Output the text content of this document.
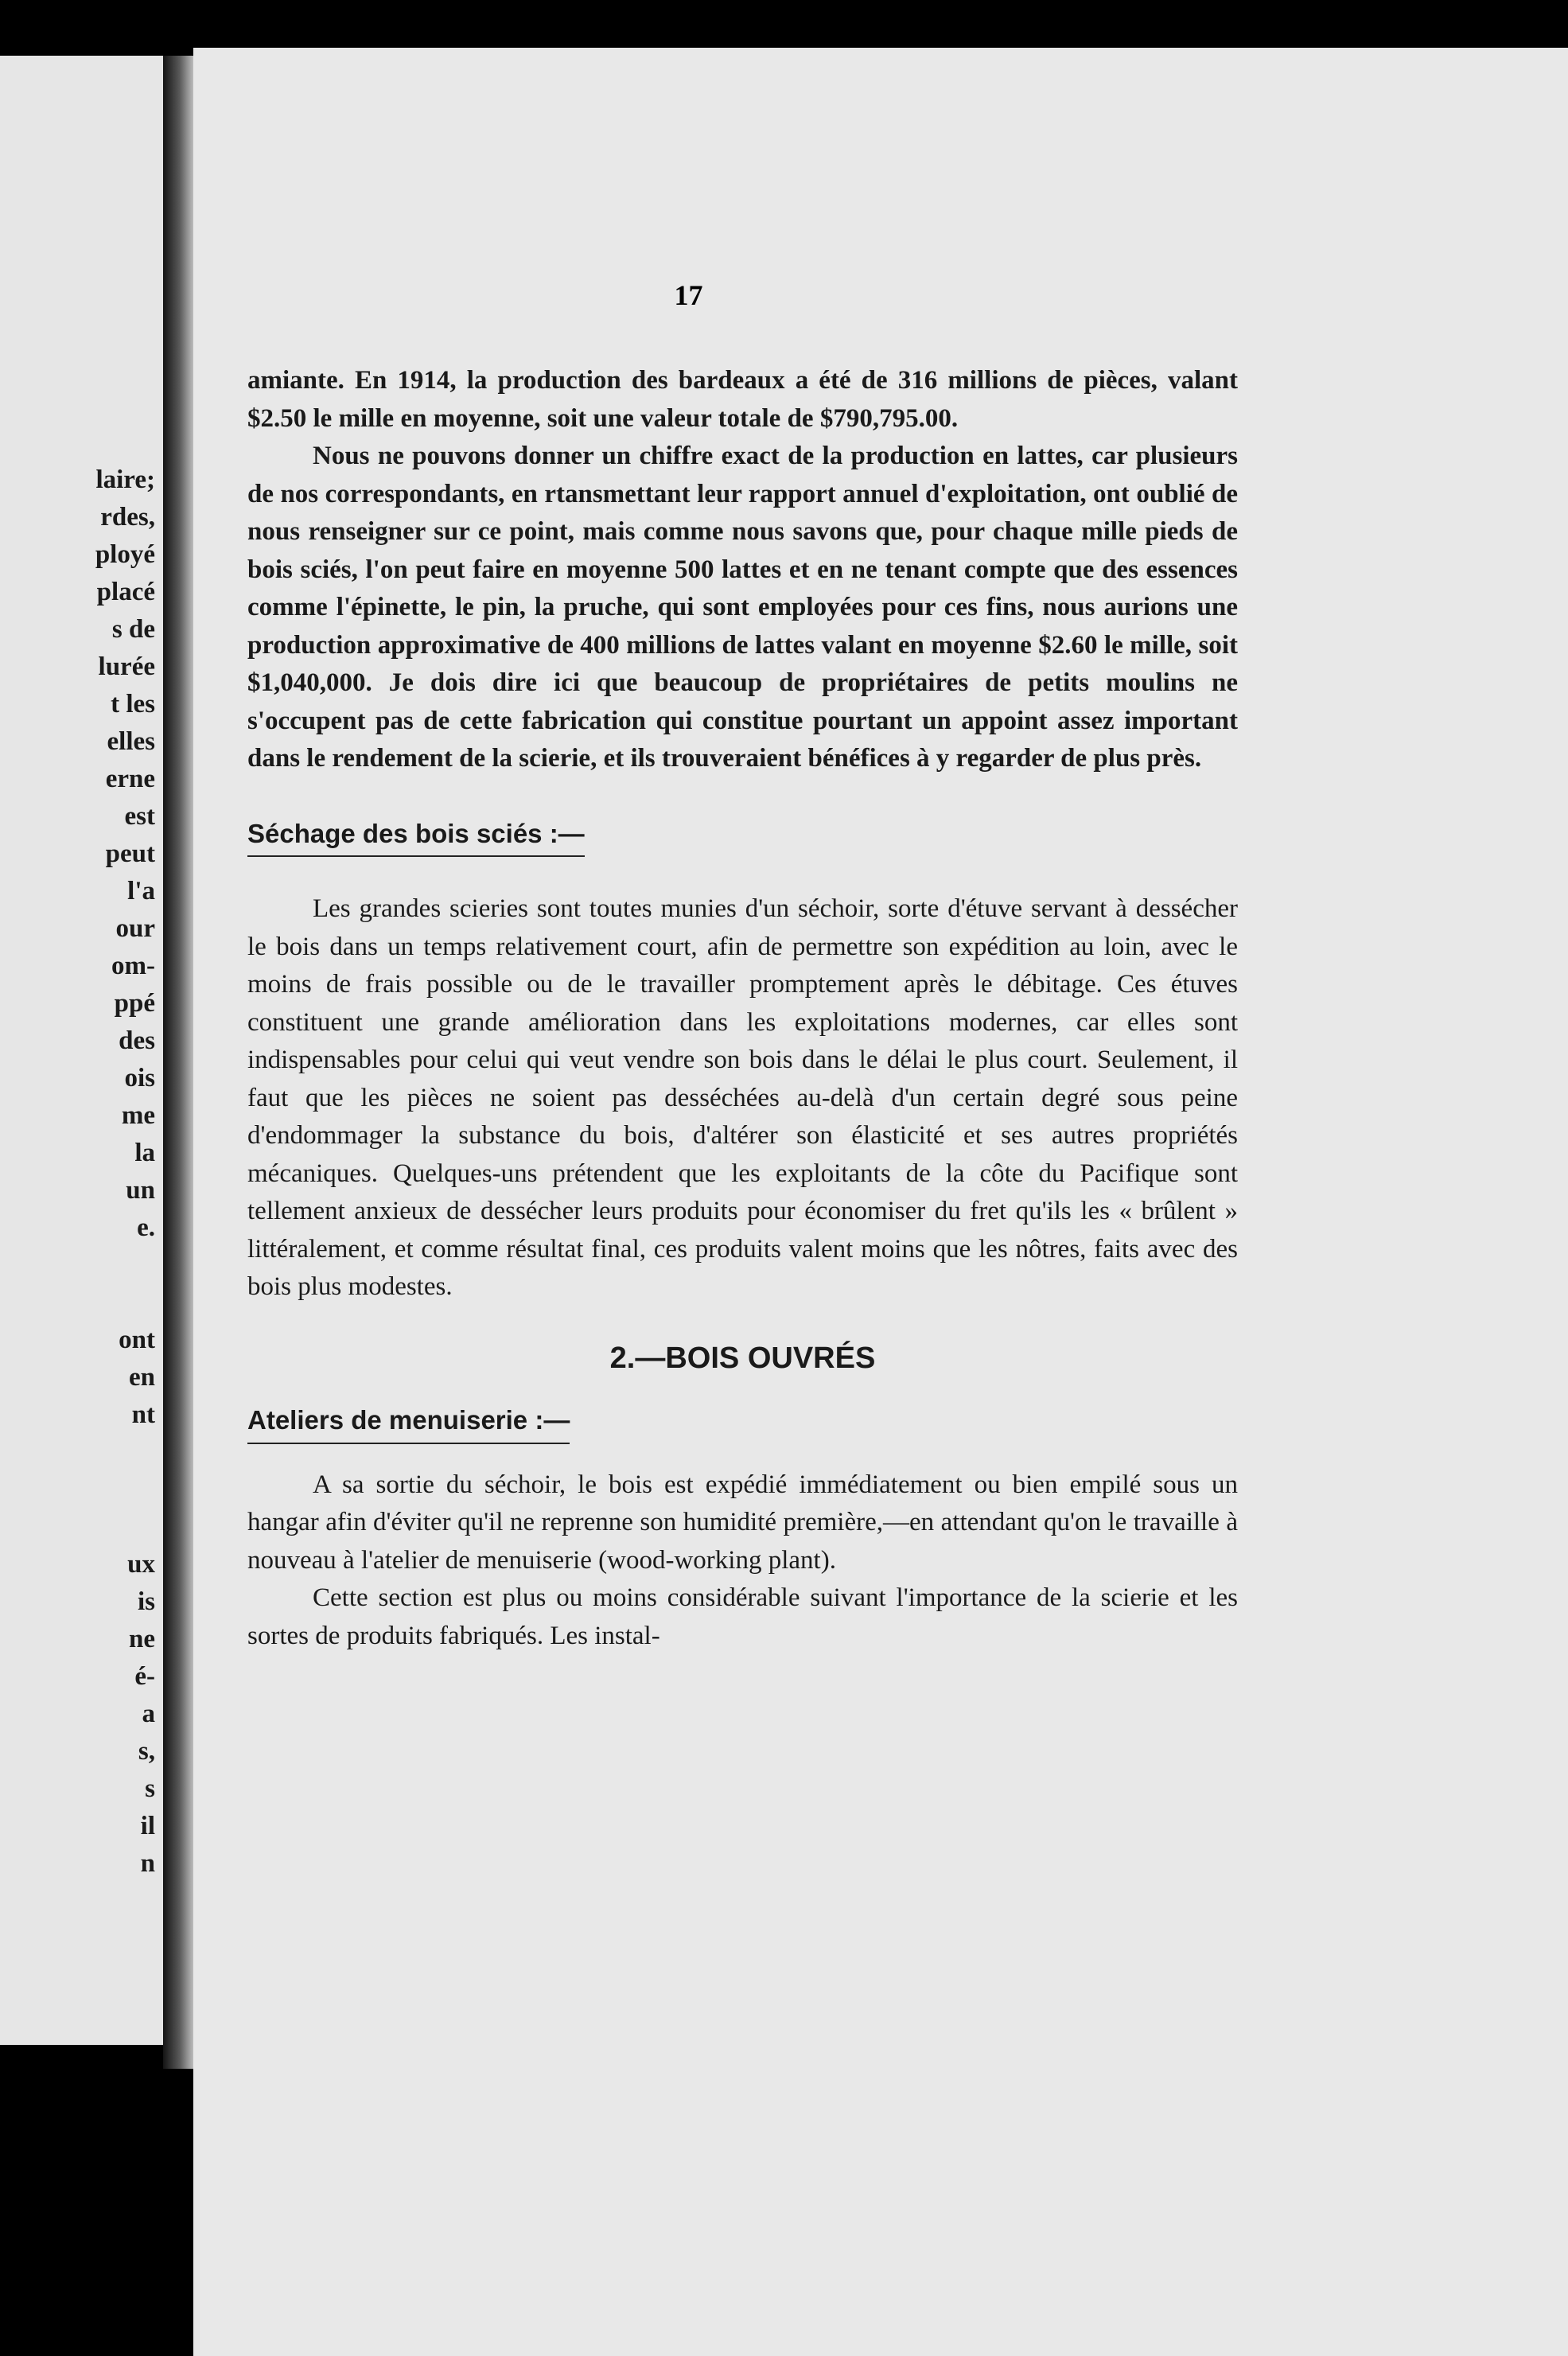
laire;
rdes,
ployé
placé
s de
lurée
t les
elles
erne
est
peut
l'a
our
om-
ppé
des
ois
me
la
un
e.

ont
en
nt

ux
is
ne
é-
a
s,
s
il
n
17

amiante. En 1914, la production des bardeaux a été de 316 millions de pièces, valant $2.50 le mille en moyenne, soit une valeur totale de $790,795.00.

Nous ne pouvons donner un chiffre exact de la production en lattes, car plusieurs de nos correspondants, en rtansmettant leur rapport annuel d'exploitation, ont oublié de nous renseigner sur ce point, mais comme nous savons que, pour chaque mille pieds de bois sciés, l'on peut faire en moyenne 500 lattes et en ne tenant compte que des essences comme l'épinette, le pin, la pruche, qui sont employées pour ces fins, nous aurions une production approximative de 400 millions de lattes valant en moyenne $2.60 le mille, soit $1,040,000. Je dois dire ici que beaucoup de propriétaires de petits moulins ne s'occupent pas de cette fabrication qui constitue pourtant un appoint assez important dans le rendement de la scierie, et ils trouveraient bénéfices à y regarder de plus près.

Séchage des bois sciés :—

Les grandes scieries sont toutes munies d'un séchoir, sorte d'étuve servant à dessécher le bois dans un temps relativement court, afin de permettre son expédition au loin, avec le moins de frais possible ou de le travailler promptement après le débitage. Ces étuves constituent une grande amélioration dans les exploitations modernes, car elles sont indispensables pour celui qui veut vendre son bois dans le délai le plus court. Seulement, il faut que les pièces ne soient pas desséchées au-delà d'un certain degré sous peine d'endommager la substance du bois, d'altérer son élasticité et ses autres propriétés mécaniques. Quelques-uns prétendent que les exploitants de la côte du Pacifique sont tellement anxieux de dessécher leurs produits pour économiser du fret qu'ils les « brûlent » littéralement, et comme résultat final, ces produits valent moins que les nôtres, faits avec des bois plus modestes.

2.—BOIS OUVRÉS
Ateliers de menuiserie :—

A sa sortie du séchoir, le bois est expédié immédiatement ou bien empilé sous un hangar afin d'éviter qu'il ne reprenne son humidité première,—en attendant qu'on le travaille à nouveau à l'atelier de menuiserie (wood-working plant).

Cette section est plus ou moins considérable suivant l'importance de la scierie et les sortes de produits fabriqués. Les instal-
